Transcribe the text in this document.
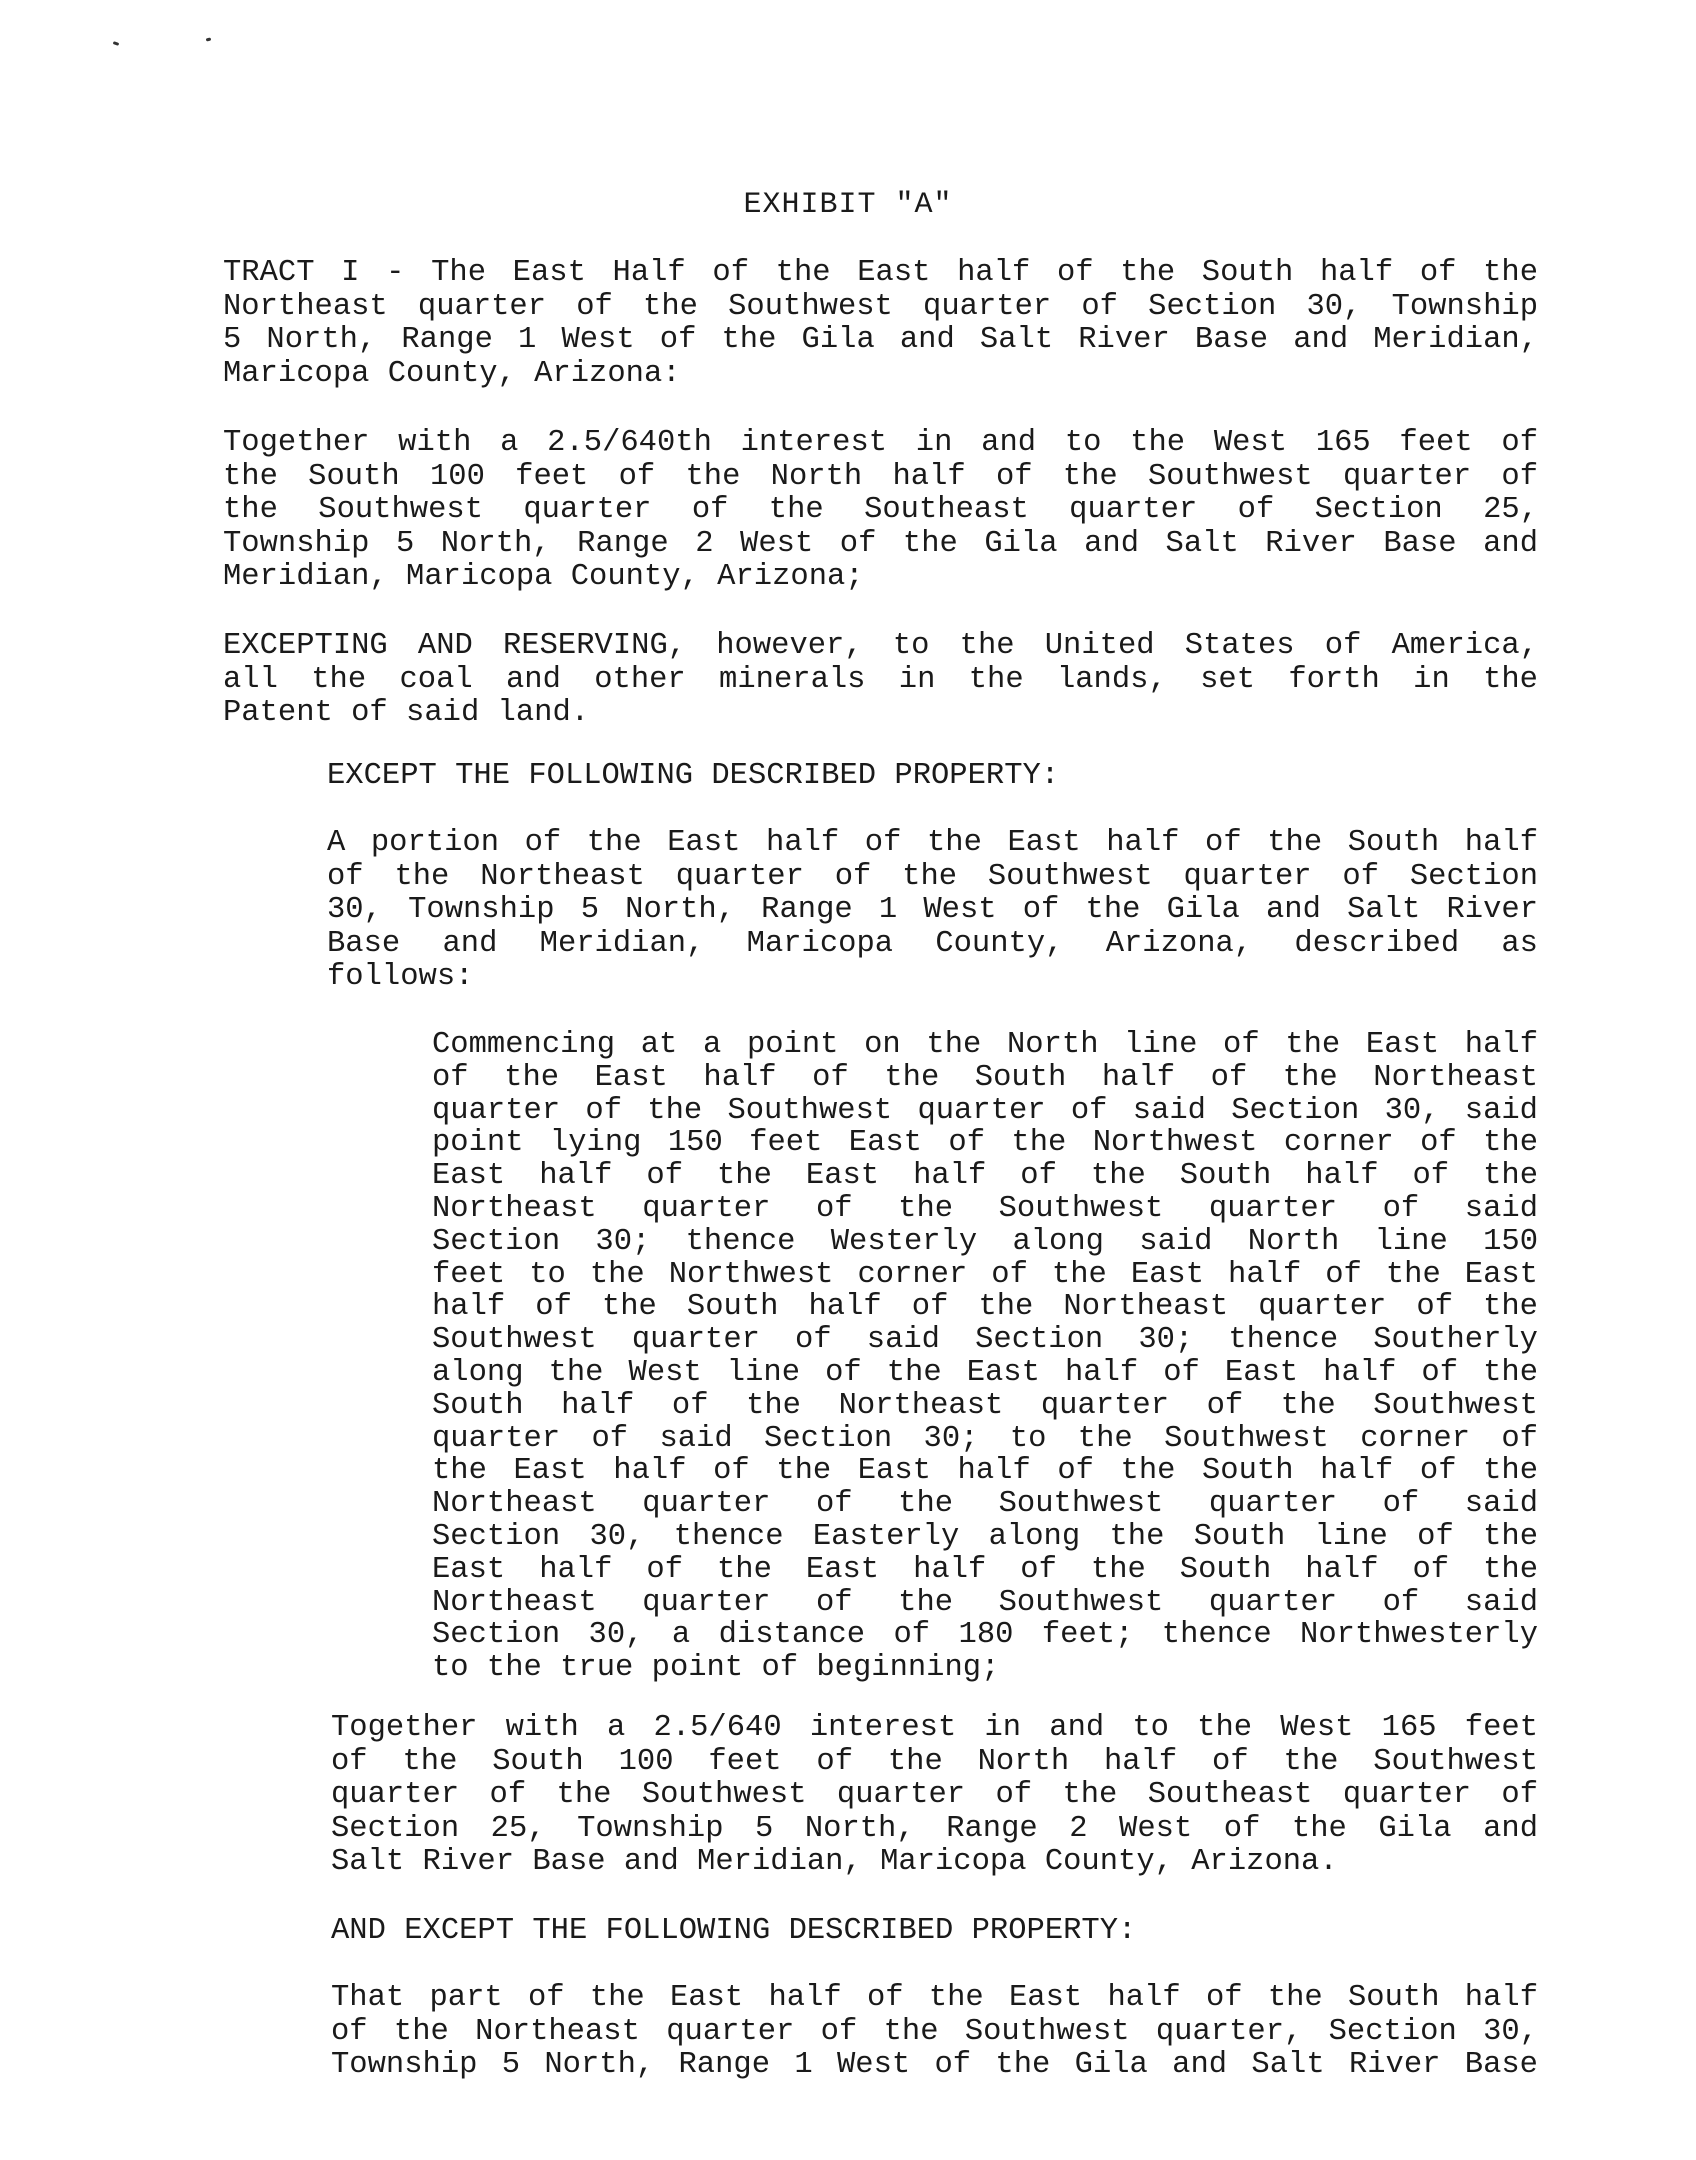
EXHIBIT "A"
TRACT I - The East Half of the East half of the South half of the
Northeast quarter of the Southwest quarter of Section 30, Township
5 North, Range 1 West of the Gila and Salt River Base and Meridian,
Maricopa County, Arizona:
Together with a 2.5/640th interest in and to the West 165 feet of
the South 100 feet of the North half of the Southwest quarter of
the Southwest quarter of the Southeast quarter of Section 25,
Township 5 North, Range 2 West of the Gila and Salt River Base and
Meridian, Maricopa County, Arizona;
EXCEPTING AND RESERVING, however, to the United States of America,
all the coal and other minerals in the lands, set forth in the
Patent of said land.
EXCEPT THE FOLLOWING DESCRIBED PROPERTY:
A portion of the East half of the East half of the South half
of the Northeast quarter of the Southwest quarter of Section
30, Township 5 North, Range 1 West of the Gila and Salt River
Base and Meridian, Maricopa County, Arizona, described as
follows:
Commencing at a point on the North line of the East half
of the East half of the South half of the Northeast
quarter of the Southwest quarter of said Section 30, said
point lying 150 feet East of the Northwest corner of the
East half of the East half of the South half of the
Northeast quarter of the Southwest quarter of said
Section 30; thence Westerly along said North line 150
feet to the Northwest corner of the East half of the East
half of the South half of the Northeast quarter of the
Southwest quarter of said Section 30; thence Southerly
along the West line of the East half of East half of the
South half of the Northeast quarter of the Southwest
quarter of said Section 30; to the Southwest corner of
the East half of the East half of the South half of the
Northeast quarter of the Southwest quarter of said
Section 30, thence Easterly along the South line of the
East half of the East half of the South half of the
Northeast quarter of the Southwest quarter of said
Section 30, a distance of 180 feet; thence Northwesterly
to the true point of beginning;
Together with a 2.5/640 interest in and to the West 165 feet
of the South 100 feet of the North half of the Southwest
quarter of the Southwest quarter of the Southeast quarter of
Section 25, Township 5 North, Range 2 West of the Gila and
Salt River Base and Meridian, Maricopa County, Arizona.
AND EXCEPT THE FOLLOWING DESCRIBED PROPERTY:
That part of the East half of the East half of the South half
of the Northeast quarter of the Southwest quarter, Section 30,
Township 5 North, Range 1 West of the Gila and Salt River Base
